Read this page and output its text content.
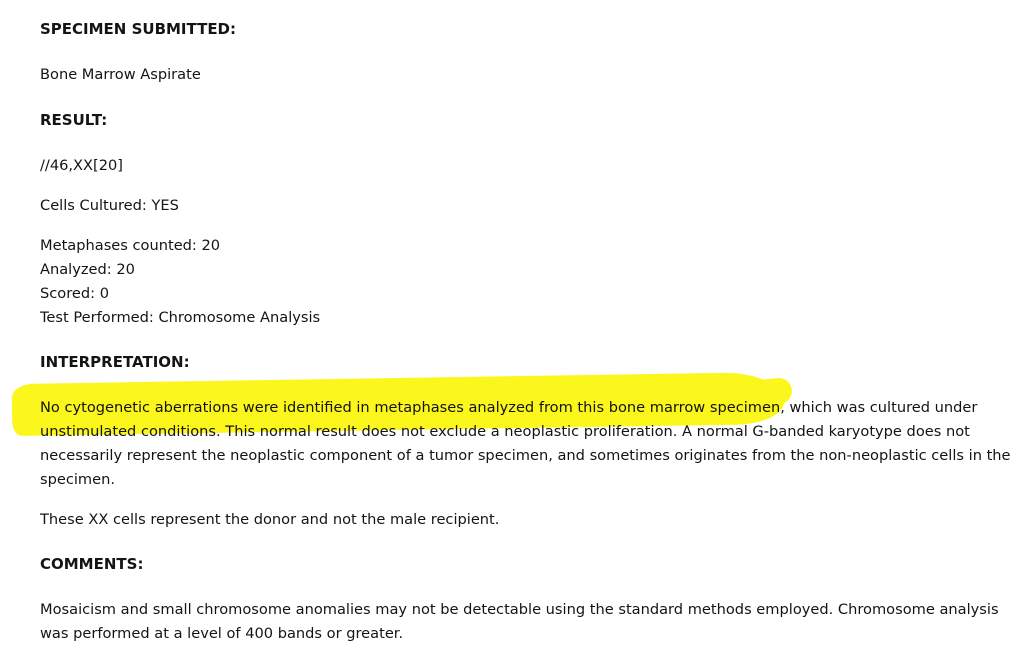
SPECIMEN SUBMITTED:
Bone Marrow Aspirate
RESULT:
//46,XX[20]
Cells Cultured: YES
Metaphases counted: 20
Analyzed: 20
Scored: 0
Test Performed: Chromosome Analysis
INTERPRETATION:
No cytogenetic aberrations were identified in metaphases analyzed from this bone marrow specimen, which was cultured under
unstimulated conditions. This normal result does not exclude a neoplastic proliferation. A normal G-banded karyotype does not
necessarily represent the neoplastic component of a tumor specimen, and sometimes originates from the non-neoplastic cells in the
specimen.
These XX cells represent the donor and not the male recipient.
COMMENTS:
Mosaicism and small chromosome anomalies may not be detectable using the standard methods employed. Chromosome analysis
was performed at a level of 400 bands or greater.
